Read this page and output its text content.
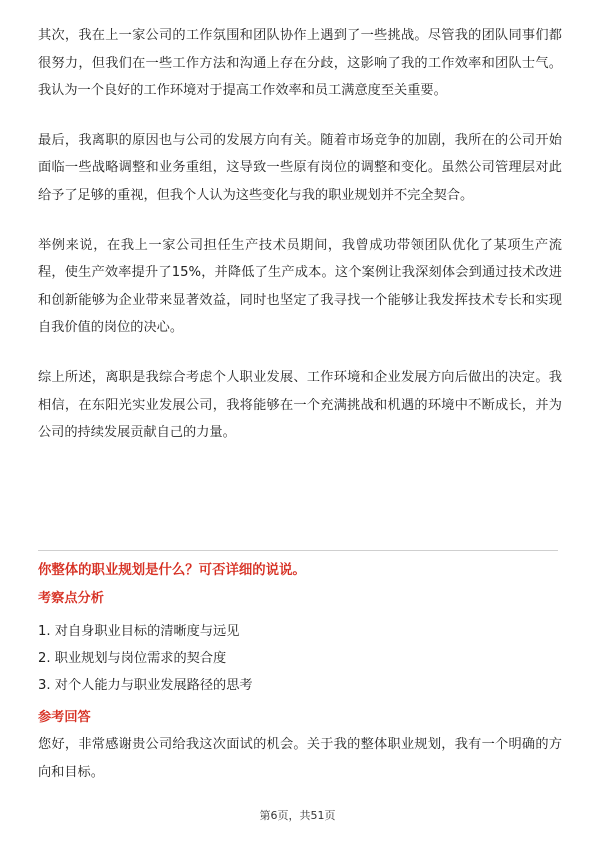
其次，我在上一家公司的工作氛围和团队协作上遇到了一些挑战。尽管我的团队同事们都很努力，但我们在一些工作方法和沟通上存在分歧，这影响了我的工作效率和团队士气。我认为一个良好的工作环境对于提高工作效率和员工满意度至关重要。

最后，我离职的原因也与公司的发展方向有关。随着市场竞争的加剧，我所在的公司开始面临一些战略调整和业务重组，这导致一些原有岗位的调整和变化。虽然公司管理层对此给予了足够的重视，但我个人认为这些变化与我的职业规划并不完全契合。

举例来说，在我上一家公司担任生产技术员期间，我曾成功带领团队优化了某项生产流程，使生产效率提升了15%，并降低了生产成本。这个案例让我深刻体会到通过技术改进和创新能够为企业带来显著效益，同时也坚定了我寻找一个能够让我发挥技术专长和实现自我价值的岗位的决心。

综上所述，离职是我综合考虑个人职业发展、工作环境和企业发展方向后做出的决定。我相信，在东阳光实业发展公司，我将能够在一个充满挑战和机遇的环境中不断成长，并为公司的持续发展贡献自己的力量。

你整体的职业规划是什么？可否详细的说说。

考察点分析

1. 对自身职业目标的清晰度与远见

2. 职业规划与岗位需求的契合度

3. 对个人能力与职业发展路径的思考

参考回答

您好，非常感谢贵公司给我这次面试的机会。关于我的整体职业规划，我有一个明确的方向和目标。

第6页，共51页
